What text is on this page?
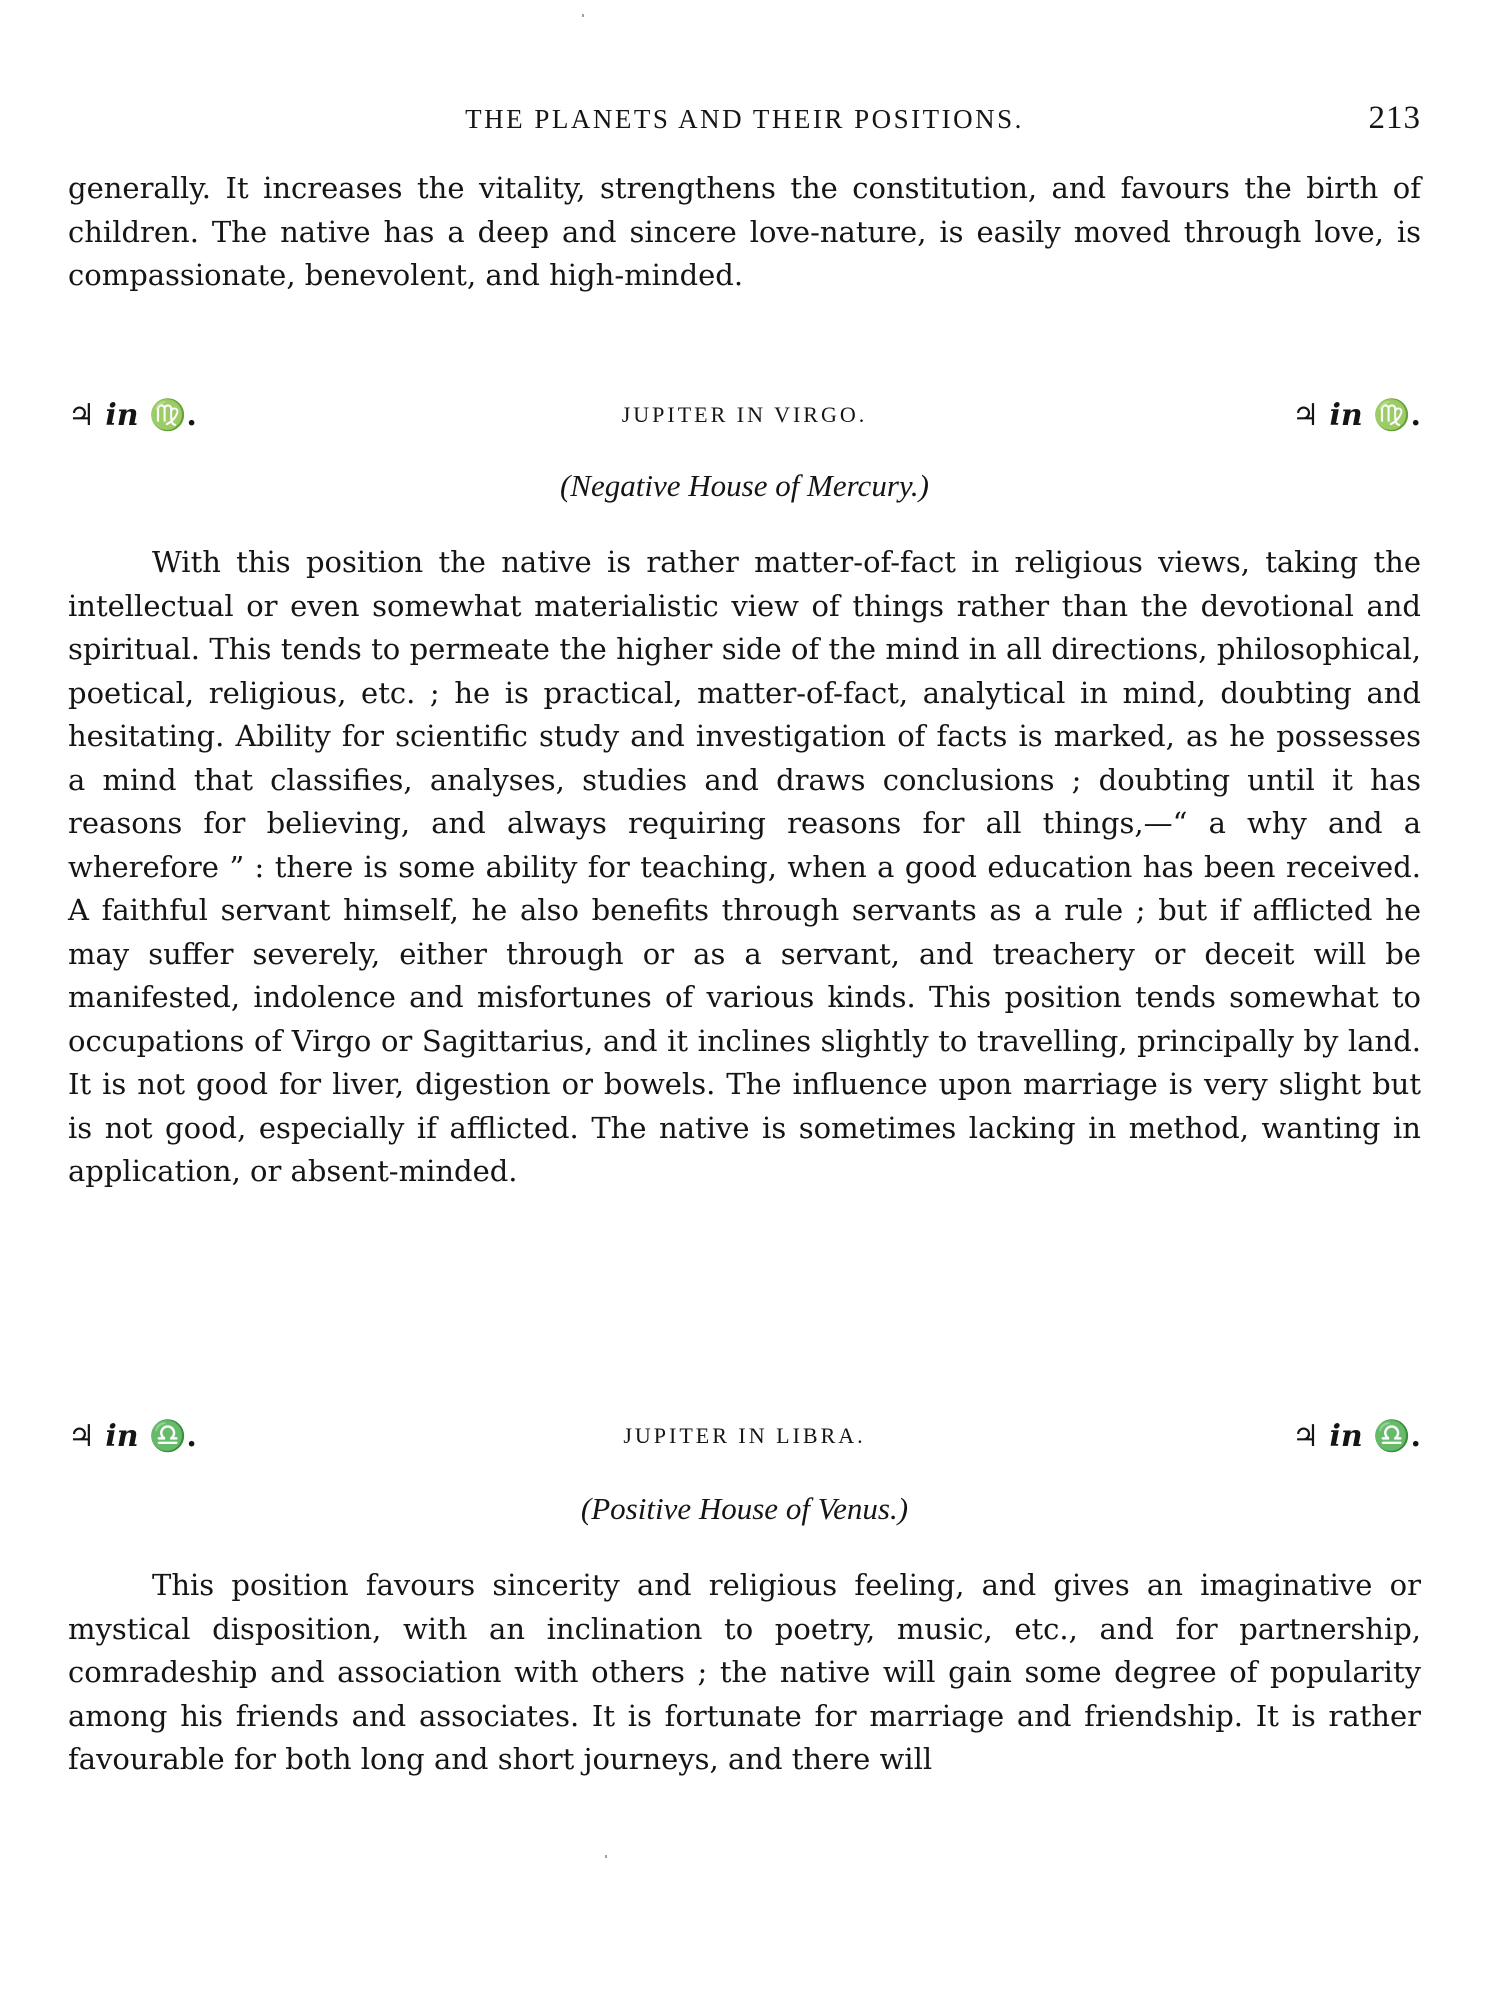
THE PLANETS AND THEIR POSITIONS.	213

generally. It increases the vitality, strengthens the constitution, and favours the birth of children. The native has a deep and sincere love-nature, is easily moved through love, is compassionate, benevolent, and high-minded.

♃ in ♍.	JUPITER IN VIRGO.	♃ in ♍.
(Negative House of Mercury.)

With this position the native is rather matter-of-fact in religious views, taking the intellectual or even somewhat materialistic view of things rather than the devotional and spiritual. This tends to permeate the higher side of the mind in all directions, philosophical, poetical, religious, etc. ; he is practical, matter-of-fact, analytical in mind, doubting and hesitating. Ability for scientific study and investigation of facts is marked, as he possesses a mind that classifies, analyses, studies and draws conclusions ; doubting until it has reasons for believing, and always requiring reasons for all things,—“ a why and a wherefore ” : there is some ability for teaching, when a good education has been received. A faithful servant himself, he also benefits through servants as a rule ; but if afflicted he may suffer severely, either through or as a servant, and treachery or deceit will be manifested, indolence and misfortunes of various kinds. This position tends somewhat to occupations of Virgo or Sagittarius, and it inclines slightly to travelling, principally by land. It is not good for liver, digestion or bowels. The influence upon marriage is very slight but is not good, especially if afflicted. The native is sometimes lacking in method, wanting in application, or absent-minded.

♃ in ♎.	JUPITER IN LIBRA.	♃ in ♎.
(Positive House of Venus.)

This position favours sincerity and religious feeling, and gives an imaginative or mystical disposition, with an inclination to poetry, music, etc., and for partnership, comradeship and association with others ; the native will gain some degree of popularity among his friends and associates. It is fortunate for marriage and friendship. It is rather favourable for both long and short journeys, and there will
